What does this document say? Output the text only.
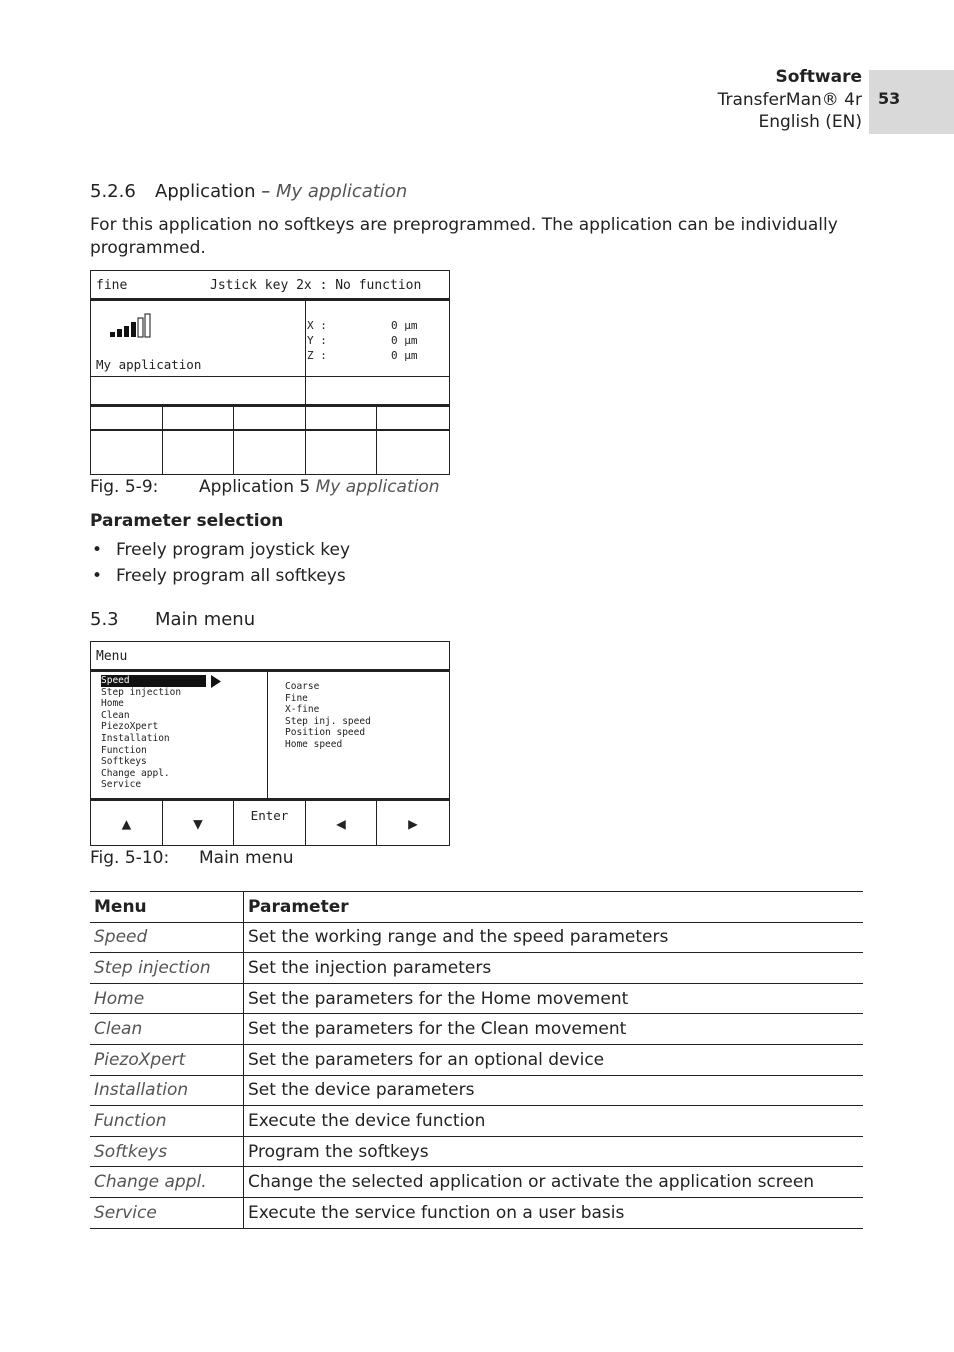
Software
TransferMan® 4r
English (EN)
53
5.2.6 Application – My application
For this application no softkeys are preprogrammed. The application can be individually programmed.
fine	Jstick key 2x : No function
My application
X :	0 µm
Y :	0 µm
Z :	0 µm
Fig. 5-9: Application 5 My application
Parameter selection
• Freely program joystick key
• Freely program all softkeys
5.3 Main menu
Menu
Speed
Step injection
Home
Clean
PiezoXpert
Installation
Function
Softkeys
Change appl.
Service
Coarse
Fine
X-fine
Step inj. speed
Position speed
Home speed
▲	▼	Enter	◀	▶
Fig. 5-10: Main menu
Menu	Parameter
Speed	Set the working range and the speed parameters
Step injection	Set the injection parameters
Home	Set the parameters for the Home movement
Clean	Set the parameters for the Clean movement
PiezoXpert	Set the parameters for an optional device
Installation	Set the device parameters
Function	Execute the device function
Softkeys	Program the softkeys
Change appl.	Change the selected application or activate the application screen
Service	Execute the service function on a user basis
